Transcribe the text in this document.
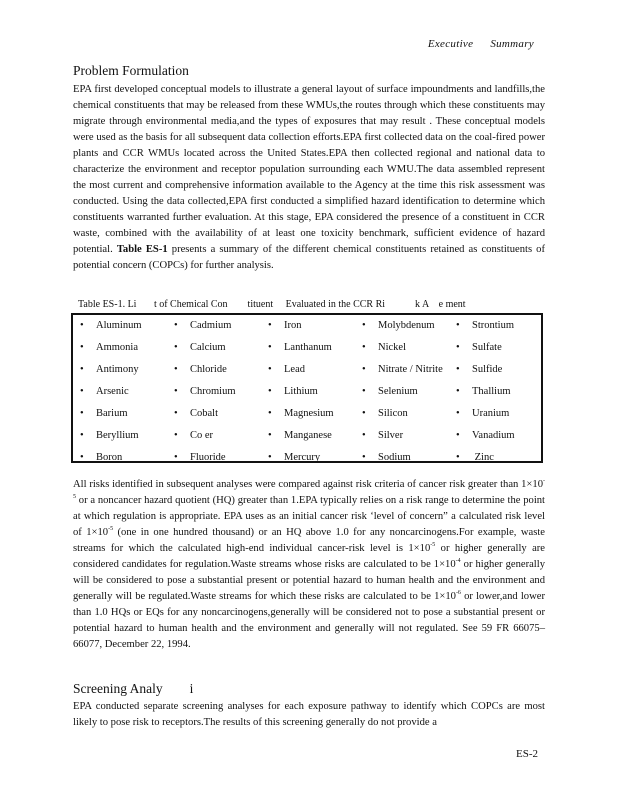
Executive Summary
Problem Formulation
EPA first developed conceptual models to illustrate a general layout of surface impoundments and landfills,the chemical constituents that may be released from these WMUs,the routes through which these constituents may migrate through environmental media,and the types of exposures that may result . These conceptual models were used as the basis for all subsequent data collection efforts.EPA first collected data on the coal-fired power plants and CCR WMUs located across the United States.EPA then collected regional and national data to characterize the environment and receptor population surrounding each WMU.The data assembled represent the most current and comprehensive information available to the Agency at the time this risk assessment was conducted. Using the data collected,EPA first conducted a simplified hazard identification to determine which constituents warranted further evaluation. At this stage, EPA considered the presence of a constituent in CCR waste, combined with the availability of at least one toxicity benchmark, sufficient evidence of hazard potential. Table ES-1 presents a summary of the different chemical constituents retained as constituents of potential concern (COPCs) for further analysis.
Table ES-1. Li       t of Chemical Con        tituent     Evaluated in the CCR Ri            k A    e ment
• Aluminum
• Ammonia
• Antimony
• Arsenic
• Barium
• Beryllium
• Boron
• Cadmium
• Calcium
• Chloride
• Chromium
• Cobalt
• Co er
• Fluoride
• Iron
• Lanthanum
• Lead
• Lithium
• Magnesium
• Manganese
• Mercury
• Molybdenum
• Nickel
• Nitrate / Nitrite
• Selenium
• Silicon
• Silver
• Sodium
• Strontium
• Sulfate
• Sulfide
• Thallium
• Uranium
• Vanadium
• Zinc
All risks identified in subsequent analyses were compared against risk criteria of cancer risk greater than $1\times 10^{-5}$ or a noncancer hazard quotient (HQ) greater than 1.EPA typically relies on a risk range to determine the point at which regulation is appropriate. EPA uses as an initial cancer risk ‘level of concern” a calculated risk level of $1\times 10^{-5}$ (one in one hundred thousand) or an HQ above 1.0 for any noncarcinogens.For example, waste streams for which the calculated high-end individual cancer-risk level is $1\times 10^{-5}$ or higher generally are considered candidates for regulation.Waste streams whose risks are calculated to be $1\times 10^{-4}$ or higher generally will be considered to pose a substantial present or potential hazard to human health and the environment and generally will be regulated.Waste streams for which these risks are calculated to be $1\times 10^{-6}$ or lower,and lower than 1.0 HQs or EQs for any noncarcinogens,generally will be considered not to pose a substantial present or potential hazard to human health and the environment and generally will not regulated. See 59 FR 66075–66077, December 22, 1994.
Screening Analy        i
EPA conducted separate screening analyses for each exposure pathway to identify which COPCs are most likely to pose risk to receptors.The results of this screening generally do not provide a
ES-2
